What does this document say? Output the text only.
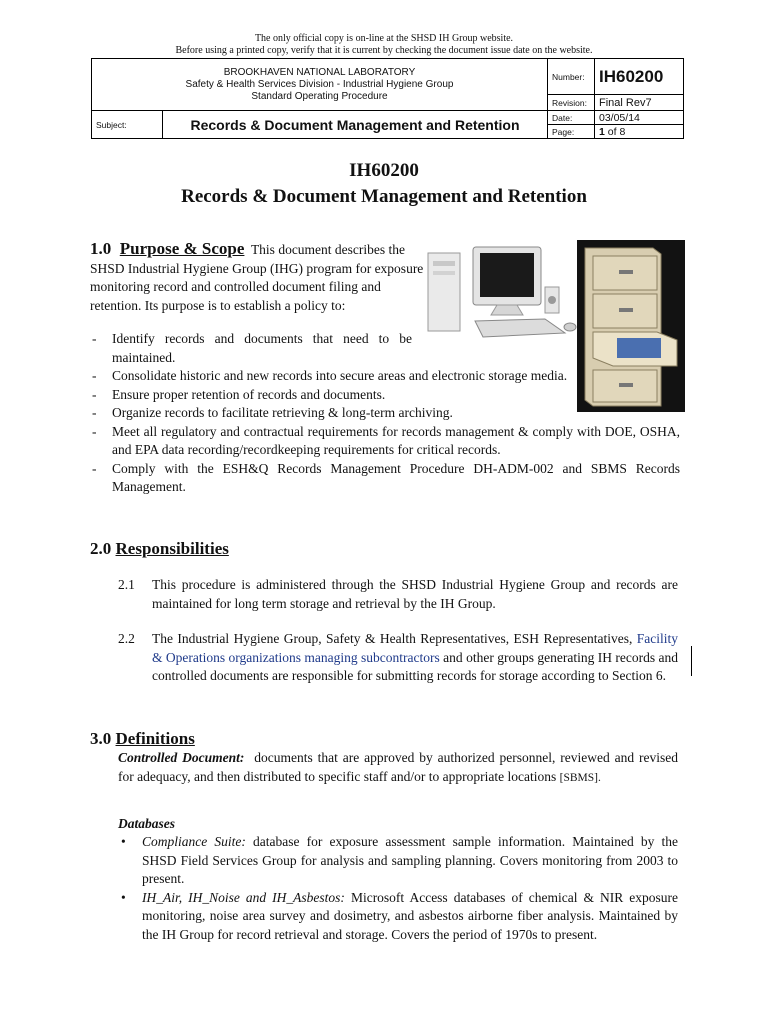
The only official copy is on-line at the SHSD IH Group website.
Before using a printed copy, verify that it is current by checking the document issue date on the website.
BROOKHAVEN NATIONAL LABORATORY
Safety & Health Services Division - Industrial Hygiene Group
Standard Operating Procedure		Number:	IH60200
		Revision:	Final Rev7
Subject:	Records & Document Management and Retention	Date:	03/05/14
		Page:	1 of 8
IH60200
Records & Document Management and Retention
1.0 Purpose & Scope This document describes the SHSD Industrial Hygiene Group (IHG) program for exposure monitoring record and controlled document filing and retention. Its purpose is to establish a policy to:
- Identify records and documents that need to be maintained.
- Consolidate historic and new records into secure areas and electronic storage media.
- Ensure proper retention of records and documents.
- Organize records to facilitate retrieving & long-term archiving.
- Meet all regulatory and contractual requirements for records management & comply with DOE, OSHA, and EPA data recording/recordkeeping requirements for critical records.
- Comply with the ESH&Q Records Management Procedure DH-ADM-002 and SBMS Records Management.
2.0 Responsibilities
2.1 This procedure is administered through the SHSD Industrial Hygiene Group and records are maintained for long term storage and retrieval by the IH Group.
2.2 The Industrial Hygiene Group, Safety & Health Representatives, ESH Representatives, Facility & Operations organizations managing subcontractors and other groups generating IH records and controlled documents are responsible for submitting records for storage according to Section 6.
3.0 Definitions
Controlled Document: documents that are approved by authorized personnel, reviewed and revised for adequacy, and then distributed to specific staff and/or to appropriate locations [SBMS].
Databases
• Compliance Suite: database for exposure assessment sample information. Maintained by the SHSD Field Services Group for analysis and sampling planning. Covers monitoring from 2003 to present.
• IH_Air, IH_Noise and IH_Asbestos: Microsoft Access databases of chemical & NIR exposure monitoring, noise area survey and dosimetry, and asbestos airborne fiber analysis. Maintained by the IH Group for record retrieval and storage. Covers the period of 1970s to present.
